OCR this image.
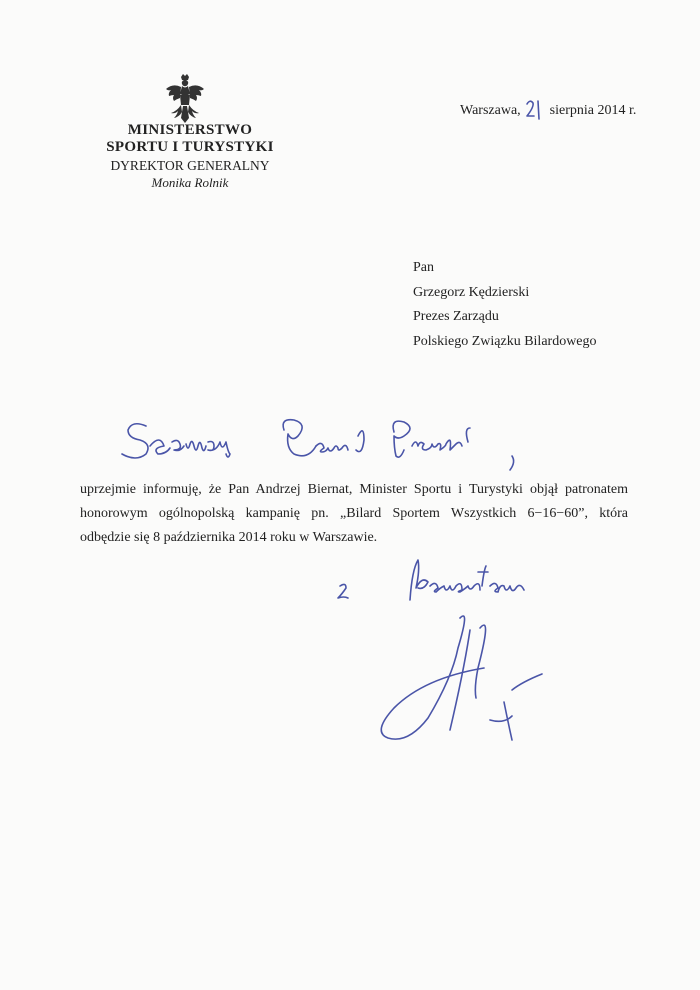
MINISTERSTWO
SPORTU I TURYSTYKI
DYREKTOR GENERALNY
Monika Rolnik
Warszawa, sierpnia 2014 r.
Pan
Grzegorz Kędzierski
Prezes Zarządu
Polskiego Związku Bilardowego
uprzejmie informuję, że Pan Andrzej Biernat, Minister Sportu i Turystyki objął patronatem
honorowym ogólnopolską kampanię pn. „Bilard Sportem Wszystkich 6−16−60”, która
odbędzie się 8 października 2014 roku w Warszawie.
